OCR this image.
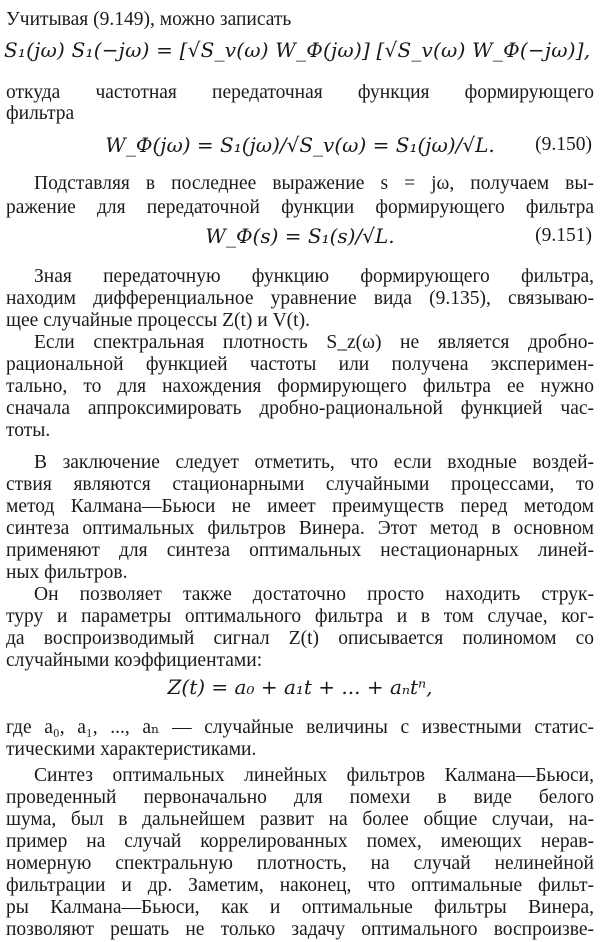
Учитывая (9.149), можно записать
S₁(jω) S₁(−jω) = [√S_v(ω) W_Ф(jω)] [√S_v(ω) W_Ф(−jω)],
откуда частотная передаточная функция формирующего
фильтра
W_Ф(jω) = S₁(jω)/√S_v(ω) = S₁(jω)/√L.	(9.150)
Подставляя в последнее выражение s = jω, получаем вы-
ражение для передаточной функции формирующего фильтра
W_Ф(s) = S₁(s)/√L.	(9.151)
Зная передаточную функцию формирующего фильтра,
находим дифференциальное уравнение вида (9.135), связываю-
щее случайные процессы Z(t) и V(t).
Если спектральная плотность S_z(ω) не является дробно-
рациональной функцией частоты или получена эксперимен-
тально, то для нахождения формирующего фильтра ее нужно
сначала аппроксимировать дробно-рациональной функцией час-
тоты.
В заключение следует отметить, что если входные воздей-
ствия являются стационарными случайными процессами, то
метод Калмана—Бьюси не имеет преимуществ перед методом
синтеза оптимальных фильтров Винера. Этот метод в основном
применяют для синтеза оптимальных нестационарных линей-
ных фильтров.
Он позволяет также достаточно просто находить струк-
туру и параметры оптимального фильтра и в том случае, ког-
да воспроизводимый сигнал Z(t) описывается полиномом со
случайными коэффициентами:
Z(t) = a₀ + a₁t + ... + aₙtⁿ,
где a₀, a₁, ..., aₙ — случайные величины с известными статис-
тическими характеристиками.
Синтез оптимальных линейных фильтров Калмана—Бьюси,
проведенный первоначально для помехи в виде белого
шума, был в дальнейшем развит на более общие случаи, на-
пример на случай коррелированных помех, имеющих нерав-
номерную спектральную плотность, на случай нелинейной
фильтрации и др. Заметим, наконец, что оптимальные фильт-
ры Калмана—Бьюси, как и оптимальные фильтры Винера,
позволяют решать не только задачу оптимального воспроизве-
